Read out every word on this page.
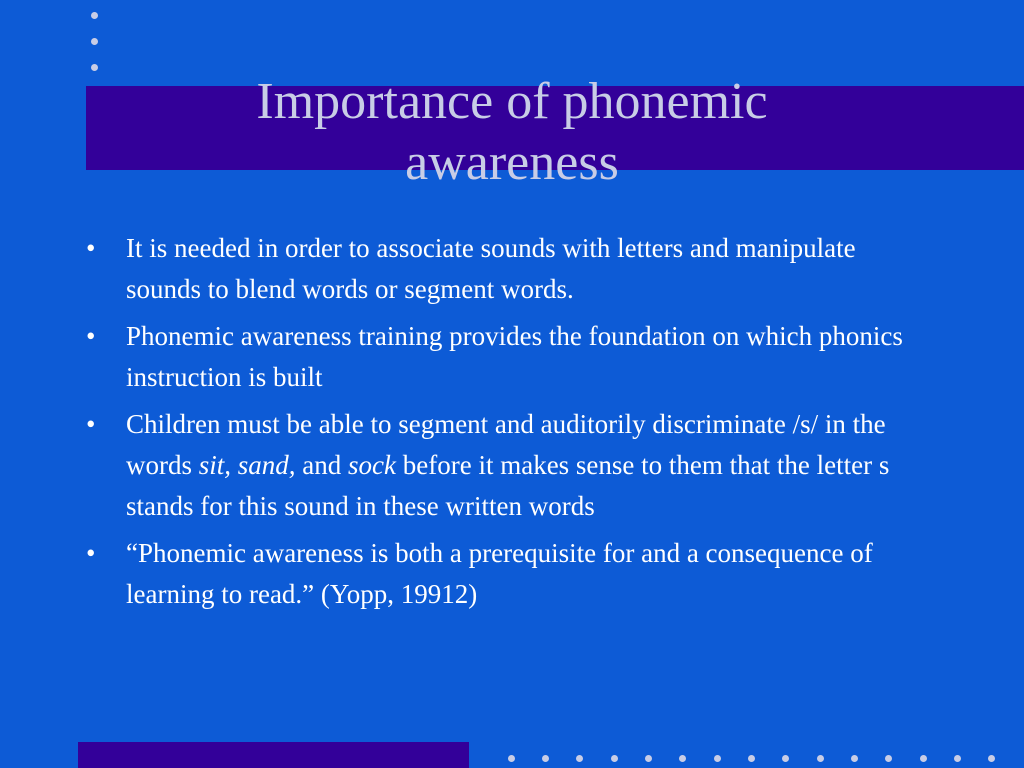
Importance of phonemic awareness
•	It is needed in order to associate sounds with letters and manipulate sounds to blend words or segment words.
•	Phonemic awareness training provides the foundation on which phonics instruction is built
•	Children must be able to segment and auditorily discriminate /s/ in the words sit, sand, and sock before it makes sense to them that the letter s stands for this sound in these written words
•	“Phonemic awareness is both a prerequisite for and a consequence of learning to read.” (Yopp, 19912)
